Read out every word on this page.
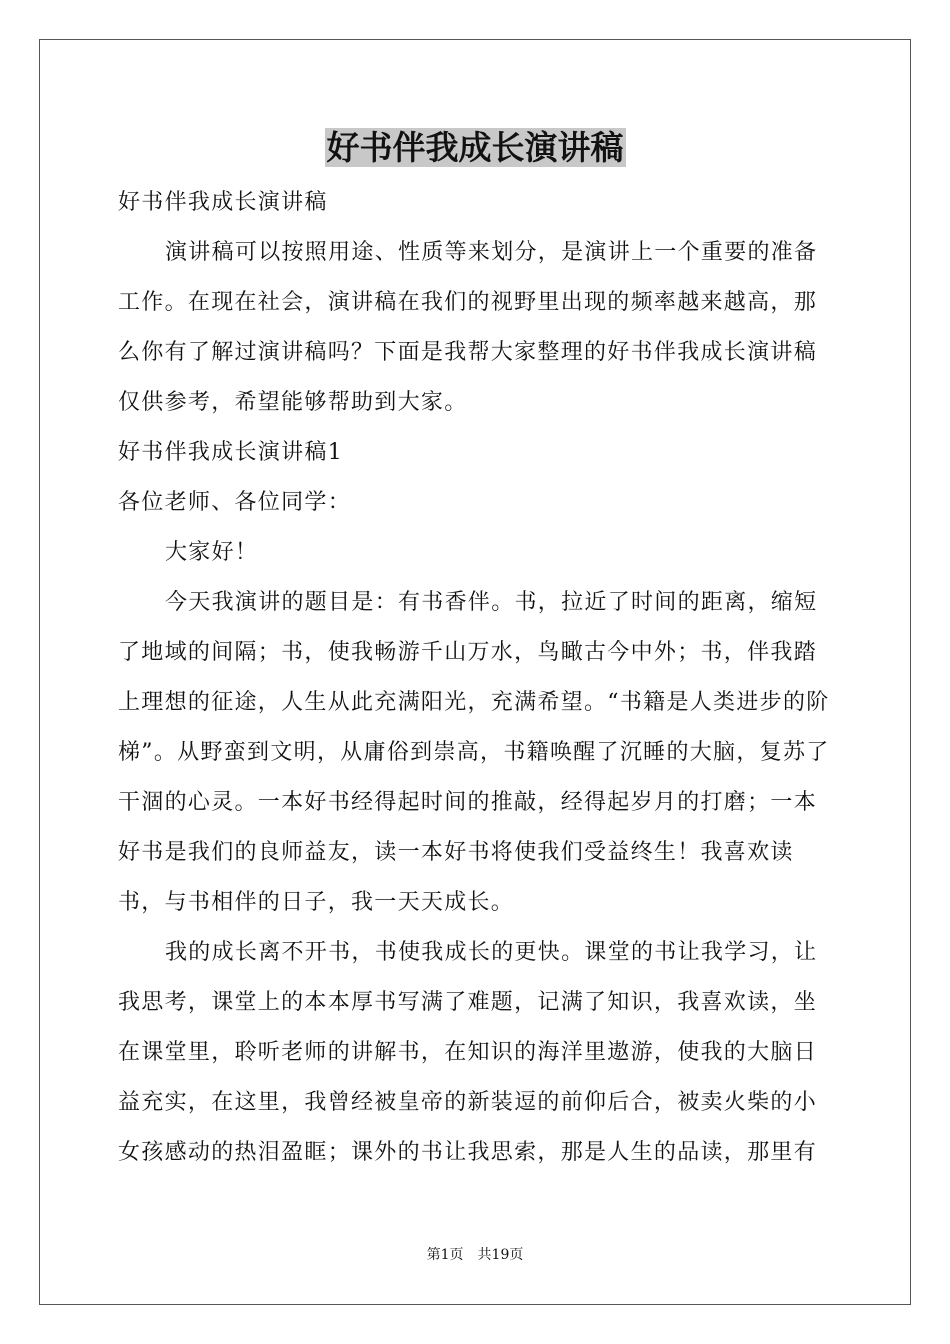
好书伴我成长演讲稿

好书伴我成长演讲稿

演讲稿可以按照用途、性质等来划分，是演讲上一个重要的准备工作。在现在社会，演讲稿在我们的视野里出现的频率越来越高，那么你有了解过演讲稿吗？下面是我帮大家整理的好书伴我成长演讲稿仅供参考，希望能够帮助到大家。

好书伴我成长演讲稿1

各位老师、各位同学：

大家好！

今天我演讲的题目是：有书香伴。书，拉近了时间的距离，缩短了地域的间隔；书，使我畅游千山万水，鸟瞰古今中外；书，伴我踏上理想的征途，人生从此充满阳光，充满希望。“书籍是人类进步的阶梯”。从野蛮到文明，从庸俗到崇高，书籍唤醒了沉睡的大脑，复苏了干涸的心灵。一本好书经得起时间的推敲，经得起岁月的打磨；一本好书是我们的良师益友，读一本好书将使我们受益终生！我喜欢读书，与书相伴的日子，我一天天成长。

我的成长离不开书，书使我成长的更快。课堂的书让我学习，让我思考，课堂上的本本厚书写满了难题，记满了知识，我喜欢读，坐在课堂里，聆听老师的讲解书，在知识的海洋里遨游，使我的大脑日益充实，在这里，我曾经被皇帝的新装逗的前仰后合，被卖火柴的小女孩感动的热泪盈眶；课外的书让我思索，那是人生的品读，那里有

第1页 共19页
